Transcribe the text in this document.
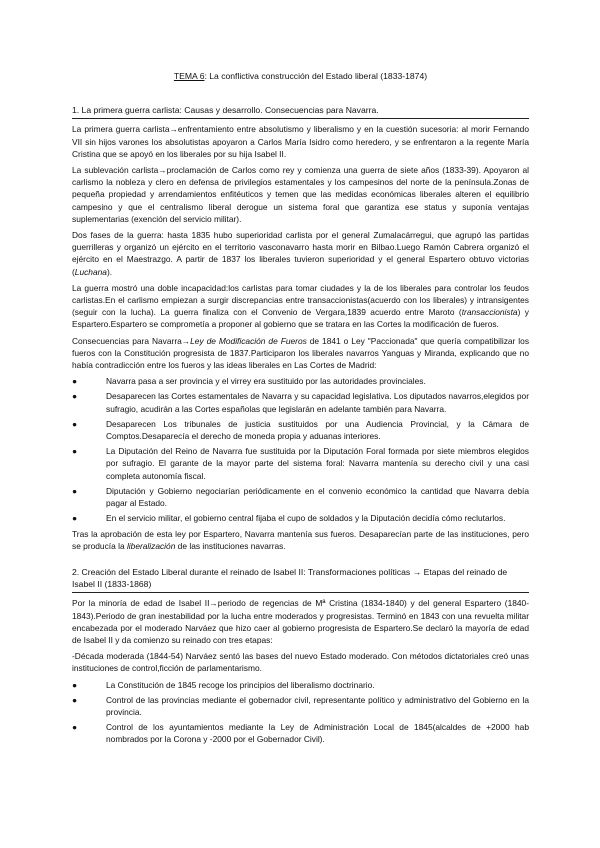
TEMA 6: La conflictiva construcción del Estado liberal (1833-1874)
1. La primera guerra carlista: Causas y desarrollo. Consecuencias para Navarra.
La primera guerra carlista→enfrentamiento entre absolutismo y liberalismo y en la cuestión sucesoria: al morir Fernando VII sin hijos varones los absolutistas apoyaron a Carlos María Isidro como heredero, y se enfrentaron a la regente María Cristina que se apoyó en los liberales por su hija Isabel II.
La sublevación carlista→proclamación de Carlos como rey y comienza una guerra de siete años (1833-39). Apoyaron al carlismo la nobleza y clero en defensa de privilegios estamentales y los campesinos del norte de la península.Zonas de pequeña propiedad y arrendamientos enfitéuticos y temen que las medidas económicas liberales alteren el equilibrio campesino y que el centralismo liberal derogue un sistema foral que garantiza ese status y suponía ventajas suplementarias (exención del servicio militar).
Dos fases de la guerra: hasta 1835 hubo superioridad carlista por el general Zumalacárregui, que agrupó las partidas guerrilleras y organizó un ejército en el territorio vasconavarro hasta morir en Bilbao.Luego Ramón Cabrera organizó el ejército en el Maestrazgo. A partir de 1837 los liberales tuvieron superioridad y el general Espartero obtuvo victorias (Luchana).
La guerra mostró una doble incapacidad:los carlistas para tomar ciudades y la de los liberales para controlar los feudos carlistas.En el carlismo empiezan a surgir discrepancias entre transaccionistas(acuerdo con los liberales) y intransigentes (seguir con la lucha). La guerra finaliza con el Convenio de Vergara,1839 acuerdo entre Maroto (transaccionista) y Espartero.Espartero se comprometía a proponer al gobierno que se tratara en las Cortes la modificación de fueros.
Consecuencias para Navarra→Ley de Modificación de Fueros de 1841 o Ley "Paccionada" que quería compatibilizar los fueros con la Constitución progresista de 1837.Participaron los liberales navarros Yanguas y Miranda, explicando que no había contradicción entre los fueros y las ideas liberales en Las Cortes de Madrid:
●	Navarra pasa a ser provincia y el virrey era sustituido por las autoridades provinciales.
●	Desaparecen las Cortes estamentales de Navarra y su capacidad legislativa. Los diputados navarros,elegidos por sufragio, acudirán a las Cortes españolas que legislarán en adelante también para Navarra.
●	Desaparecen Los tribunales de justicia sustituidos por una Audiencia Provincial, y la Cámara de Comptos.Desaparecía el derecho de moneda propia y aduanas interiores.
●	La Diputación del Reino de Navarra fue sustituida por la Diputación Foral formada por siete miembros elegidos por sufragio. El garante de la mayor parte del sistema foral: Navarra mantenía su derecho civil y una casi completa autonomía fiscal.
●	Diputación y Gobierno negociarían periódicamente en el convenio económico la cantidad que Navarra debía pagar al Estado.
●	En el servicio militar, el gobierno central fijaba el cupo de soldados y la Diputación decidía cómo reclutarlos.
Tras la aprobación de esta ley por Espartero, Navarra mantenía sus fueros. Desaparecían parte de las instituciones, pero se producía la liberalización de las instituciones navarras.
2. Creación del Estado Liberal durante el reinado de Isabel II: Transformaciones políticas → Etapas del reinado de Isabel II (1833-1868)
Por la minoría de edad de Isabel II→periodo de regencias de Mª Cristina (1834-1840) y del general Espartero (1840-1843).Periodo de gran inestabilidad por la lucha entre moderados y progresistas. Terminó en 1843 con una revuelta militar encabezada por el moderado Narváez que hizo caer al gobierno progresista de Espartero.Se declaró la mayoría de edad de Isabel II y da comienzo su reinado con tres etapas:
-Década moderada (1844-54) Narváez sentó las bases del nuevo Estado moderado. Con métodos dictatoriales creó unas instituciones de control,ficción de parlamentarismo.
●	La Constitución de 1845 recoge los principios del liberalismo doctrinario.
●	Control de las provincias mediante el gobernador civil, representante político y administrativo del Gobierno en la provincia.
●	Control de los ayuntamientos mediante la Ley de Administración Local de 1845(alcaldes de +2000 hab nombrados por la Corona y -2000 por el Gobernador Civil).
